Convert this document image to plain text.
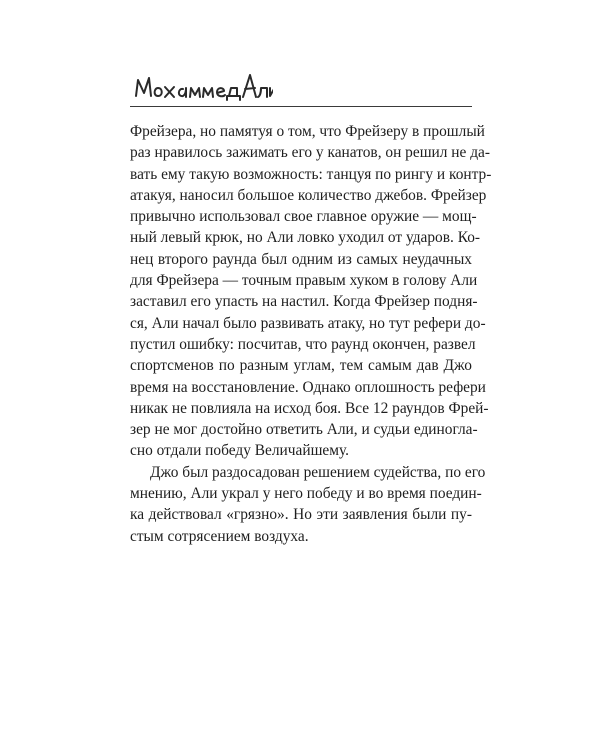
Мохаммед Али

Фрейзера, но памятуя о том, что Фрейзеру в прошлый
раз нравилось зажимать его у канатов, он решил не да-
вать ему такую возможность: танцуя по рингу и контр-
атакуя, наносил большое количество джебов. Фрейзер
привычно использовал свое главное оружие — мощ-
ный левый крюк, но Али ловко уходил от ударов. Ко-
нец второго раунда был одним из самых неудачных
для Фрейзера — точным правым хуком в голову Али
заставил его упасть на настил. Когда Фрейзер подня-
ся, Али начал было развивать атаку, но тут рефери до-
пустил ошибку: посчитав, что раунд окончен, развел
спортсменов по разным углам, тем самым дав Джо
время на восстановление. Однако оплошность рефери
никак не повлияла на исход боя. Все 12 раундов Фрей-
зер не мог достойно ответить Али, и судьи единогла-
сно отдали победу Величайшему.

Джо был раздосадован решением судейства, по его
мнению, Али украл у него победу и во время поедин-
ка действовал «грязно». Но эти заявления были пу-
стым сотрясением воздуха.
